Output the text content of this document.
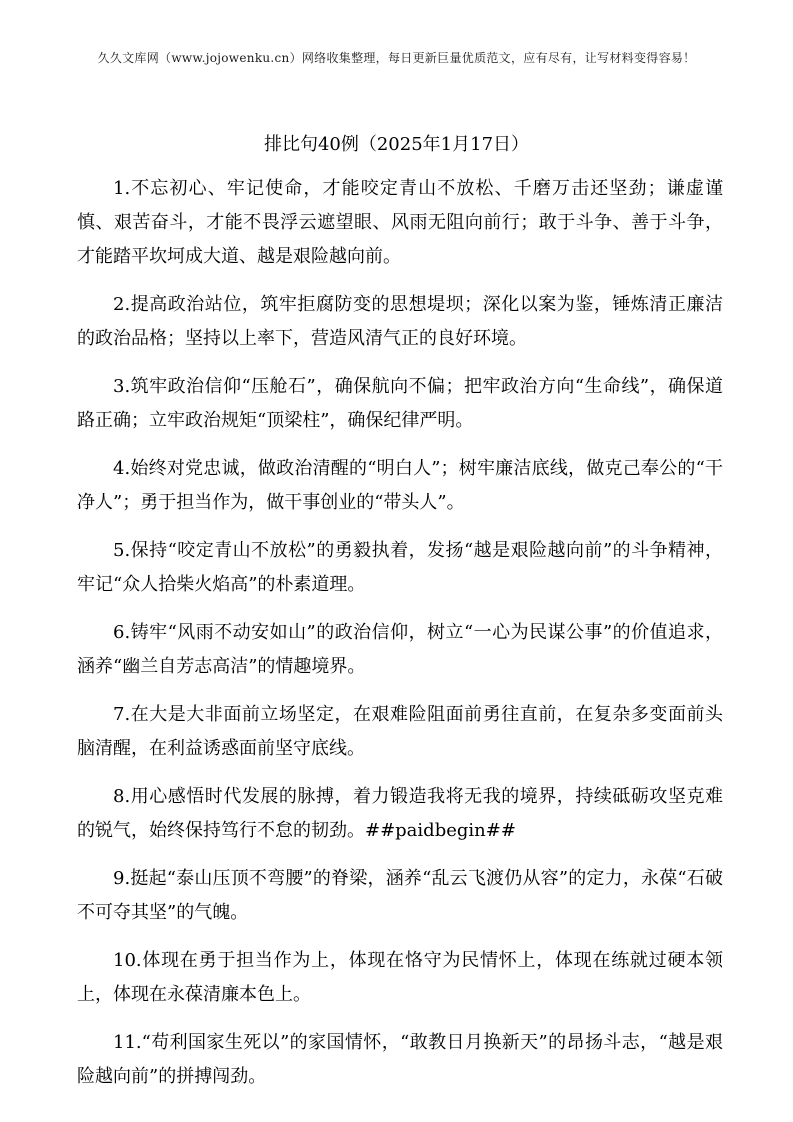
久久文库网（www.jojowenku.cn）网络收集整理，每日更新巨量优质范文，应有尽有，让写材料变得容易！
排比句40例（2025年1月17日）

1.不忘初心、牢记使命，才能咬定青山不放松、千磨万击还坚劲；谦虚谨慎、艰苦奋斗，才能不畏浮云遮望眼、风雨无阻向前行；敢于斗争、善于斗争，才能踏平坎坷成大道、越是艰险越向前。

2.提高政治站位，筑牢拒腐防变的思想堤坝；深化以案为鉴，锤炼清正廉洁的政治品格；坚持以上率下，营造风清气正的良好环境。

3.筑牢政治信仰“压舱石”，确保航向不偏；把牢政治方向“生命线”，确保道路正确；立牢政治规矩“顶梁柱”，确保纪律严明。

4.始终对党忠诚，做政治清醒的“明白人”；树牢廉洁底线，做克己奉公的“干净人”；勇于担当作为，做干事创业的“带头人”。

5.保持“咬定青山不放松”的勇毅执着，发扬“越是艰险越向前”的斗争精神，牢记“众人拾柴火焰高”的朴素道理。

6.铸牢“风雨不动安如山”的政治信仰，树立“一心为民谋公事”的价值追求，涵养“幽兰自芳志高洁”的情趣境界。

7.在大是大非面前立场坚定，在艰难险阻面前勇往直前，在复杂多变面前头脑清醒，在利益诱惑面前坚守底线。

8.用心感悟时代发展的脉搏，着力锻造我将无我的境界，持续砥砺攻坚克难的锐气，始终保持笃行不怠的韧劲。##paidbegin##

9.挺起“泰山压顶不弯腰”的脊梁，涵养“乱云飞渡仍从容”的定力，永葆“石破不可夺其坚”的气魄。

10.体现在勇于担当作为上，体现在恪守为民情怀上，体现在练就过硬本领上，体现在永葆清廉本色上。

11.“苟利国家生死以”的家国情怀，“敢教日月换新天”的昂扬斗志，“越是艰险越向前”的拼搏闯劲。
